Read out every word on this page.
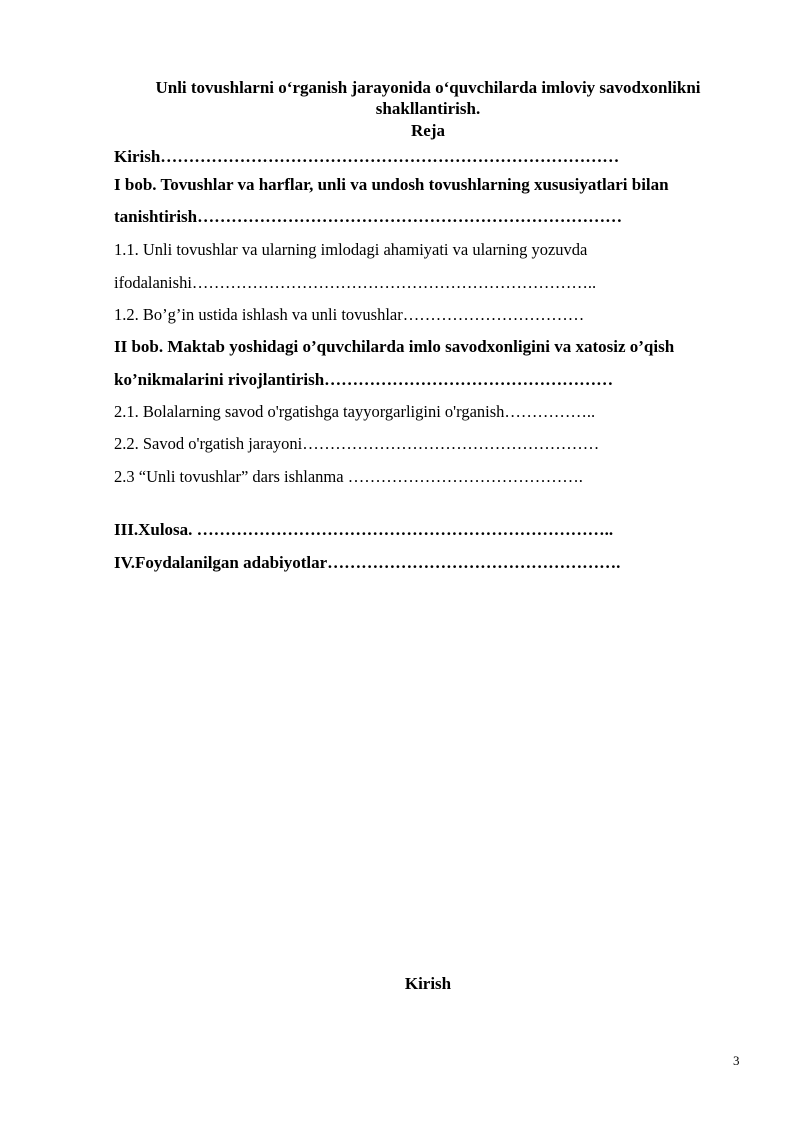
Unli tovushlarni o‘rganish jarayonida o‘quvchilarda imloviy savodxonlikni
shakllantirish.
Reja
Kirish………………………………………………………………………
I bob. Tovushlar va harflar, unli va undosh tovushlarning xususiyatlari bilan
tanishtirish…………………………………………………………………
1.1. Unli tovushlar va ularning imlodagi ahamiyati va ularning yozuvda
ifodalanishi………………………………………………………………..
1.2. Bo’g’in ustida ishlash va unli tovushlar……………………………
II bob. Maktab yoshidagi o’quvchilarda imlo savodxonligini va xatosiz o’qish
ko’nikmalarini rivojlantirish……………………………………………
2.1. Bolalarning savod o'rgatishga tayyorgarligini o'rganish……………..
2.2. Savod o'rgatish jarayoni………………………………………………
2.3 “Unli tovushlar” dars ishlanma …………………………………….
III.Xulosa. ………………………………………………………………..
IV.Foydalanilgan adabiyotlar…………………………………………….
Kirish
3
